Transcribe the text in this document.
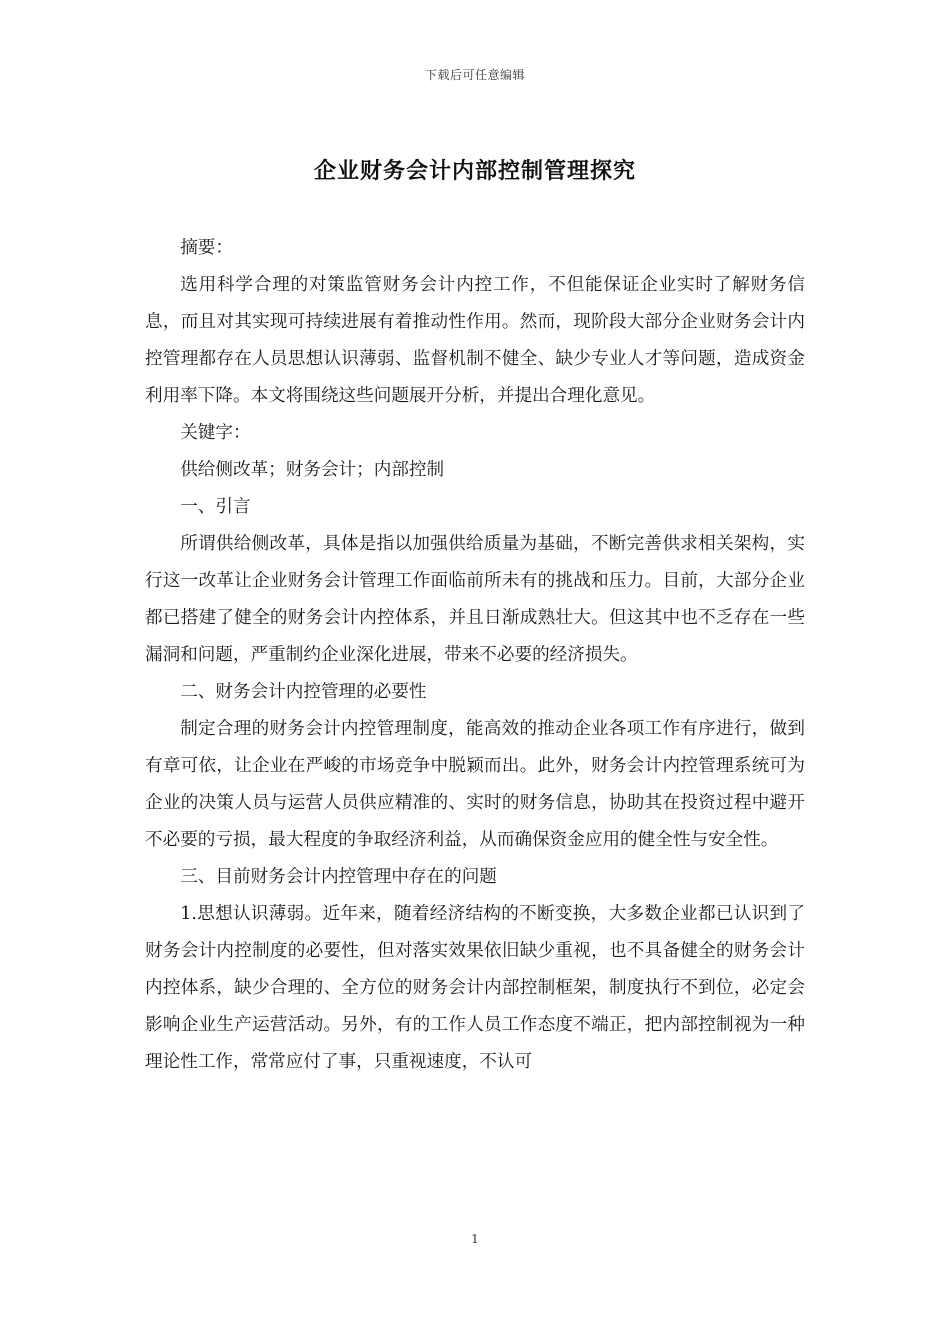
下载后可任意编辑
企业财务会计内部控制管理探究

摘要：

选用科学合理的对策监管财务会计内控工作，不但能保证企业实时了解财务信息，而且对其实现可持续进展有着推动性作用。然而，现阶段大部分企业财务会计内控管理都存在人员思想认识薄弱、监督机制不健全、缺少专业人才等问题，造成资金利用率下降。本文将围绕这些问题展开分析，并提出合理化意见。

关键字：

供给侧改革；财务会计；内部控制

一、引言

所谓供给侧改革，具体是指以加强供给质量为基础，不断完善供求相关架构，实行这一改革让企业财务会计管理工作面临前所未有的挑战和压力。目前，大部分企业都已搭建了健全的财务会计内控体系，并且日渐成熟壮大。但这其中也不乏存在一些漏洞和问题，严重制约企业深化进展，带来不必要的经济损失。

二、财务会计内控管理的必要性

制定合理的财务会计内控管理制度，能高效的推动企业各项工作有序进行，做到有章可依，让企业在严峻的市场竞争中脱颖而出。此外，财务会计内控管理系统可为企业的决策人员与运营人员供应精准的、实时的财务信息，协助其在投资过程中避开不必要的亏损，最大程度的争取经济利益，从而确保资金应用的健全性与安全性。

三、目前财务会计内控管理中存在的问题

1.思想认识薄弱。近年来，随着经济结构的不断变换，大多数企业都已认识到了财务会计内控制度的必要性，但对落实效果依旧缺少重视，也不具备健全的财务会计内控体系，缺少合理的、全方位的财务会计内部控制框架，制度执行不到位，必定会影响企业生产运营活动。另外，有的工作人员工作态度不端正，把内部控制视为一种理论性工作，常常应付了事，只重视速度，不认可

1
